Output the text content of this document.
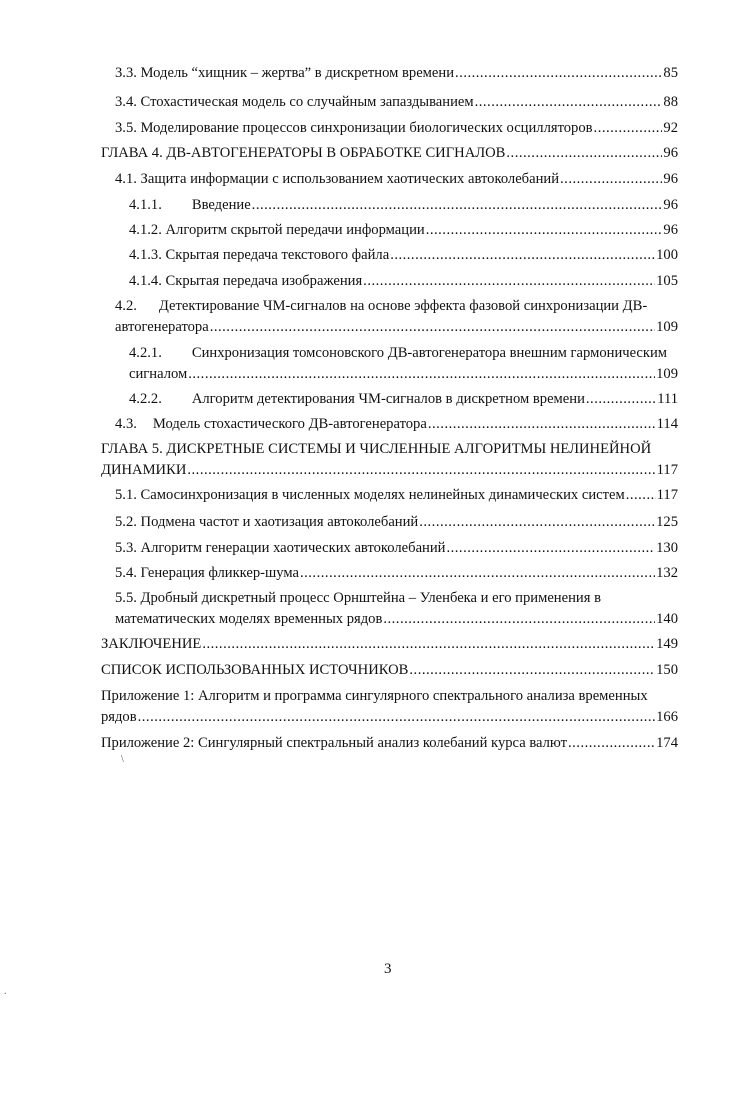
3.3. Модель “хищник – жертва” в дискретном времени .....	85
3.4. Стохастическая модель со случайным запаздыванием .....	88
3.5. Моделирование процессов синхронизации биологических осцилляторов .....	92
ГЛАВА 4. ДВ-АВТОГЕНЕРАТОРЫ В ОБРАБОТКЕ СИГНАЛОВ .....	96
4.1. Защита информации с использованием хаотических автоколебаний .....	96
4.1.1. Введение .....	96
4.1.2. Алгоритм скрытой передачи информации .....	96
4.1.3. Скрытая передача текстового файла .....	100
4.1.4. Скрытая передача изображения .....	105
4.2. Детектирование ЧМ-сигналов на основе эффекта фазовой синхронизации ДВ-
автогенератора .....	109
4.2.1. Синхронизация томсоновского ДВ-автогенератора внешним гармоническим
сигналом .....	109
4.2.2. Алгоритм детектирования ЧМ-сигналов в дискретном времени .....	111
4.3. Модель стохастического ДВ-автогенератора .....	114
ГЛАВА 5. ДИСКРЕТНЫЕ СИСТЕМЫ И ЧИСЛЕННЫЕ АЛГОРИТМЫ НЕЛИНЕЙНОЙ
ДИНАМИКИ .....	117
5.1. Самосинхронизация в численных моделях нелинейных динамических систем ..... 117
5.2. Подмена частот и хаотизация автоколебаний .....	125
5.3. Алгоритм генерации хаотических автоколебаний .....	130
5.4. Генерация фликкер-шума .....	132
5.5. Дробный дискретный процесс Орнштейна – Уленбека и его применения в
математических моделях временных рядов .....	140
ЗАКЛЮЧЕНИЕ .....	149
СПИСОК ИСПОЛЬЗОВАННЫХ ИСТОЧНИКОВ .....	150
Приложение 1: Алгоритм и программа сингулярного спектрального анализа временных
рядов .....	166
Приложение 2: Сингулярный спектральный анализ колебаний курса валют .....	174
\
.
3
